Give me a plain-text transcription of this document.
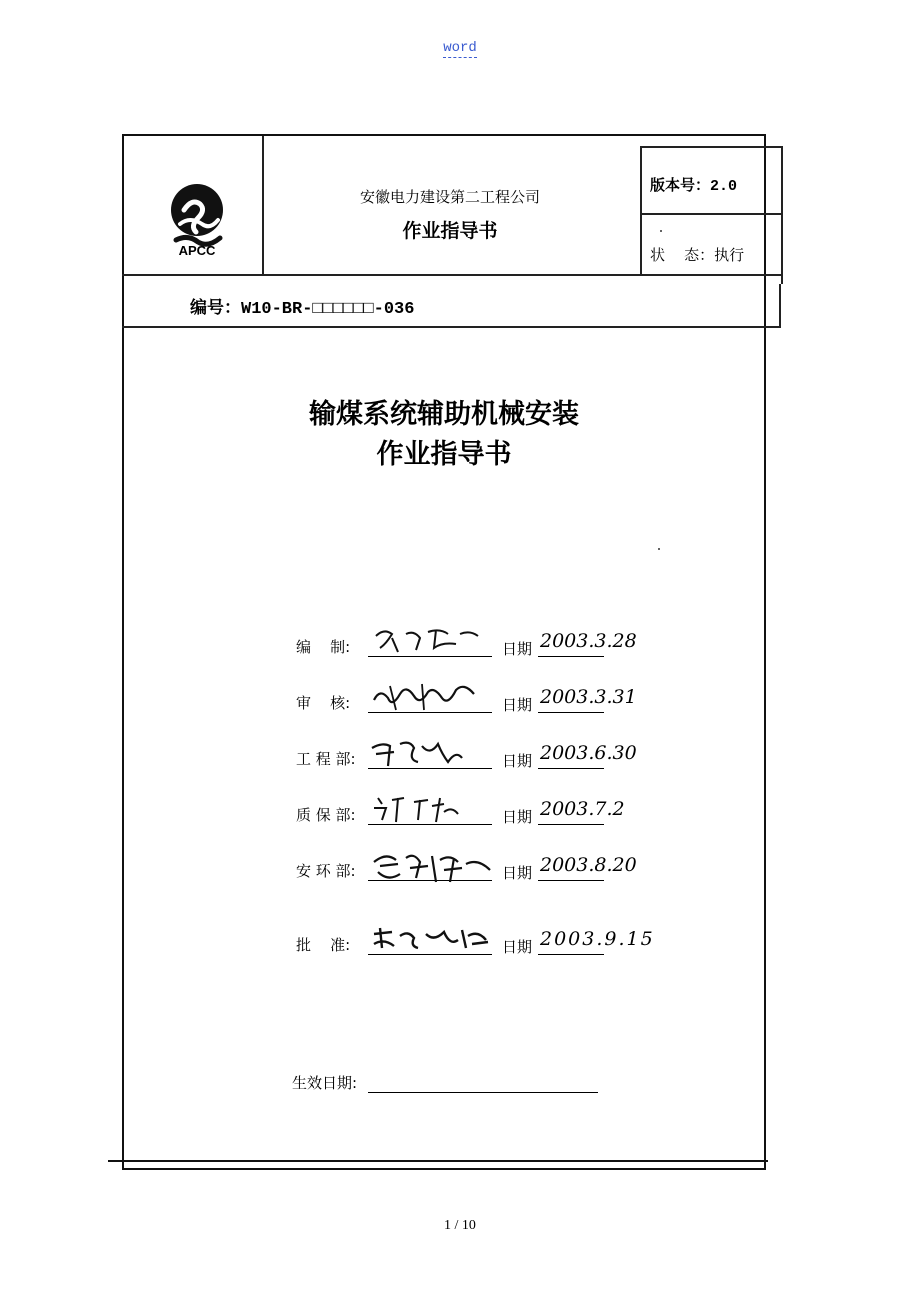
word
APCC
安徽电力建设第二工程公司
作业指导书
版本号：2.0
状    态：执行
编号：W10-BR-□□□□□□-036
输煤系统辅助机械安装
作业指导书
编    制:	日期 2003.3.28
审    核:	日期 2003.3.31
工 程 部:	日期 2003.6.30
质 保 部:	日期 2003.7.2
安 环 部:	日期 2003.8.20
批    准:	日期 2003.9.15
生效日期:
1 / 10
